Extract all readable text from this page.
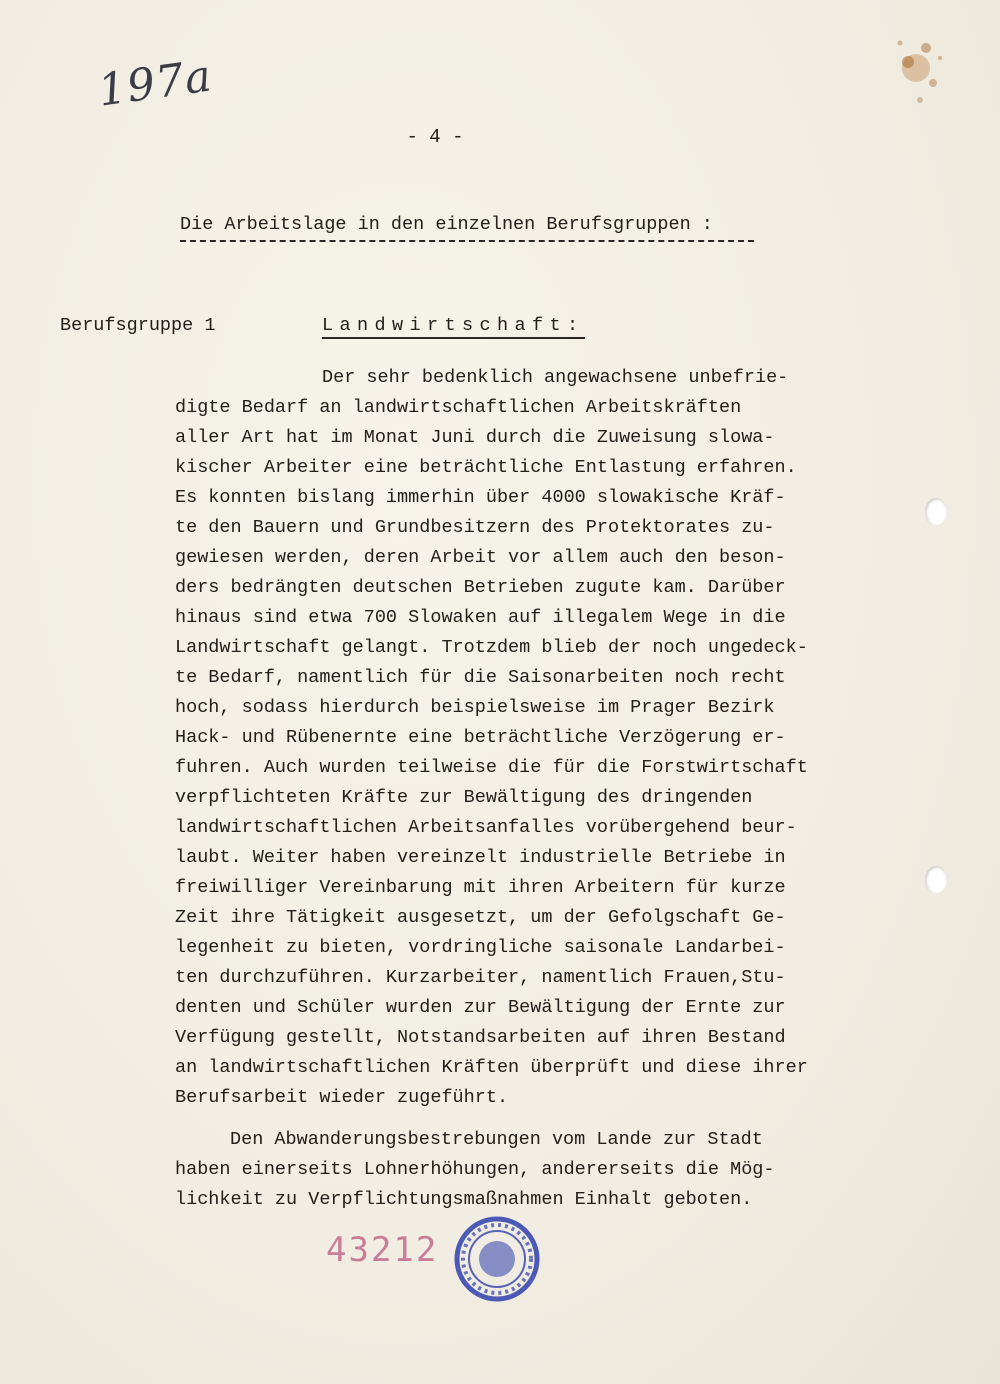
197a
- 4 -
Die Arbeitslage in den einzelnen Berufsgruppen :
Berufsgruppe 1	Landwirtschaft:
Der sehr bedenklich angewachsene unbefrie-
digte Bedarf an landwirtschaftlichen Arbeitskräften
aller Art hat im Monat Juni durch die Zuweisung slowa-
kischer Arbeiter eine beträchtliche Entlastung erfahren.
Es konnten bislang immerhin über 4000 slowakische Kräf-
te den Bauern und Grundbesitzern des Protektorates zu-
gewiesen werden, deren Arbeit vor allem auch den beson-
ders bedrängten deutschen Betrieben zugute kam. Darüber
hinaus sind etwa 700 Slowaken auf illegalem Wege in die
Landwirtschaft gelangt. Trotzdem blieb der noch ungedeck-
te Bedarf, namentlich für die Saisonarbeiten noch recht
hoch, sodass hierdurch beispielsweise im Prager Bezirk
Hack- und Rübenernte eine beträchtliche Verzögerung er-
fuhren. Auch wurden teilweise die für die Forstwirtschaft
verpflichteten Kräfte zur Bewältigung des dringenden
landwirtschaftlichen Arbeitsanfalles vorübergehend beur-
laubt. Weiter haben vereinzelt industrielle Betriebe in
freiwilliger Vereinbarung mit ihren Arbeitern für kurze
Zeit ihre Tätigkeit ausgesetzt, um der Gefolgschaft Ge-
legenheit zu bieten, vordringliche saisonale Landarbei-
ten durchzuführen. Kurzarbeiter, namentlich Frauen,Stu-
denten und Schüler wurden zur Bewältigung der Ernte zur
Verfügung gestellt, Notstandsarbeiten auf ihren Bestand
an landwirtschaftlichen Kräften überprüft und diese ihrer
Berufsarbeit wieder zugeführt.
Den Abwanderungsbestrebungen vom Lande zur Stadt
haben einerseits Lohnerhöhungen, andererseits die Mög-
lichkeit zu Verpflichtungsmaßnahmen Einhalt geboten.
43212
